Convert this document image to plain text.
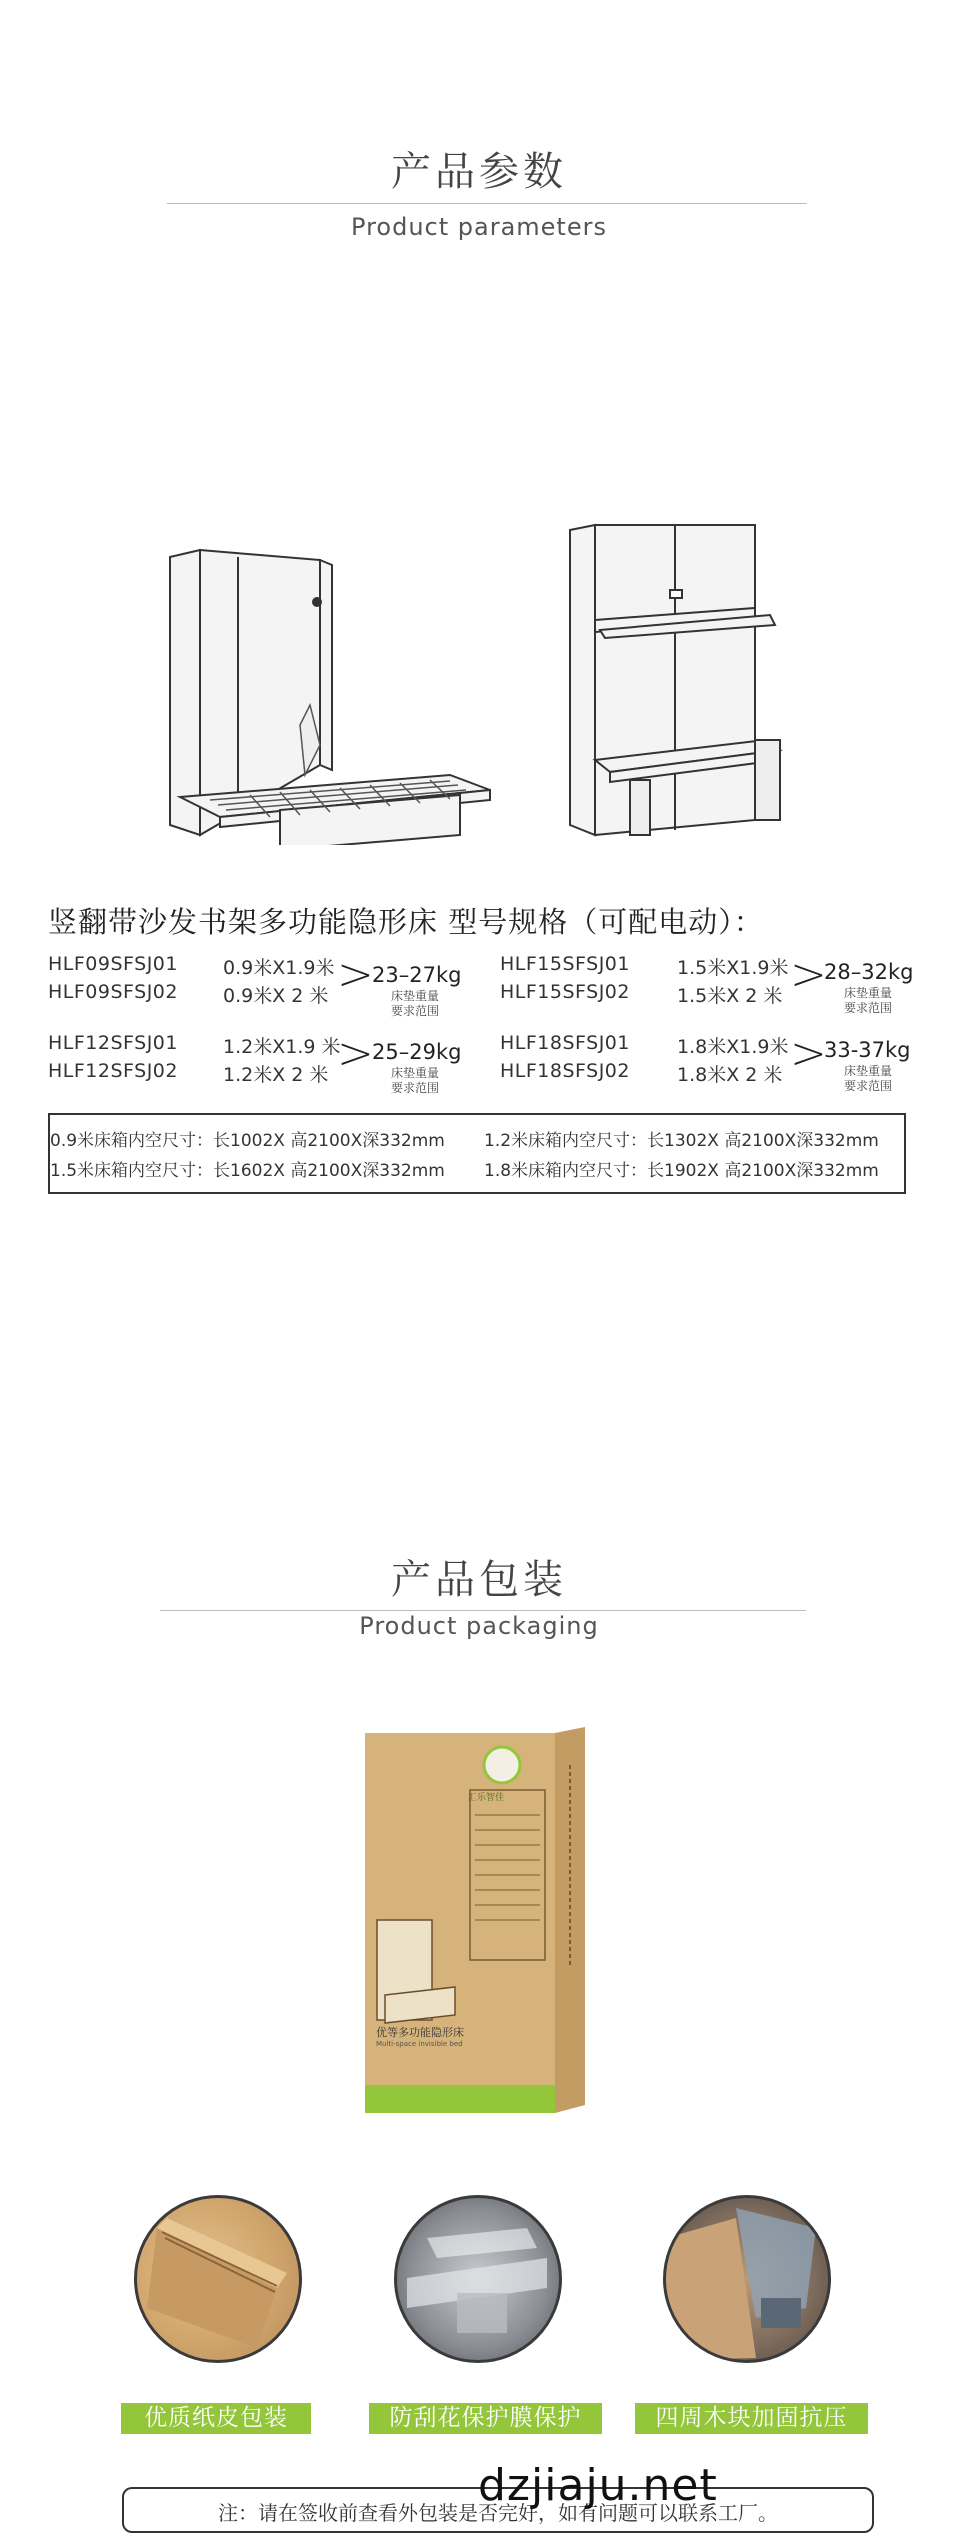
产品参数
Product parameters
竖翻带沙发书架多功能隐形床 型号规格（可配电动）：
HLF09SFSJ01
HLF09SFSJ02
0.9米X1.9米
0.9米X 2 米 >
23–27kg
床垫重量
要求范围
HLF15SFSJ01
HLF15SFSJ02
1.5米X1.9米
1.5米X 2 米 >
28–32kg
床垫重量
要求范围
HLF12SFSJ01
HLF12SFSJ02
1.2米X1.9 米
1.2米X 2 米 >
25–29kg
床垫重量
要求范围
HLF18SFSJ01
HLF18SFSJ02
1.8米X1.9米
1.8米X 2 米 >
33-37kg
床垫重量
要求范围
0.9米床箱内空尺寸：长1002X 高2100X深332mm 1.2米床箱内空尺寸：长1302X 高2100X深332mm
1.5米床箱内空尺寸：长1602X 高2100X深332mm 1.8米床箱内空尺寸：长1902X 高2100X深332mm
产品包装
Product packaging
汇乐智佳
优等多功能隐形床
Multi-space invisible bed
优质纸皮包装	防刮花保护膜保护	四周木块加固抗压
注：请在签收前查看外包装是否完好，如有问题可以联系工厂。
dzjiaju.net
